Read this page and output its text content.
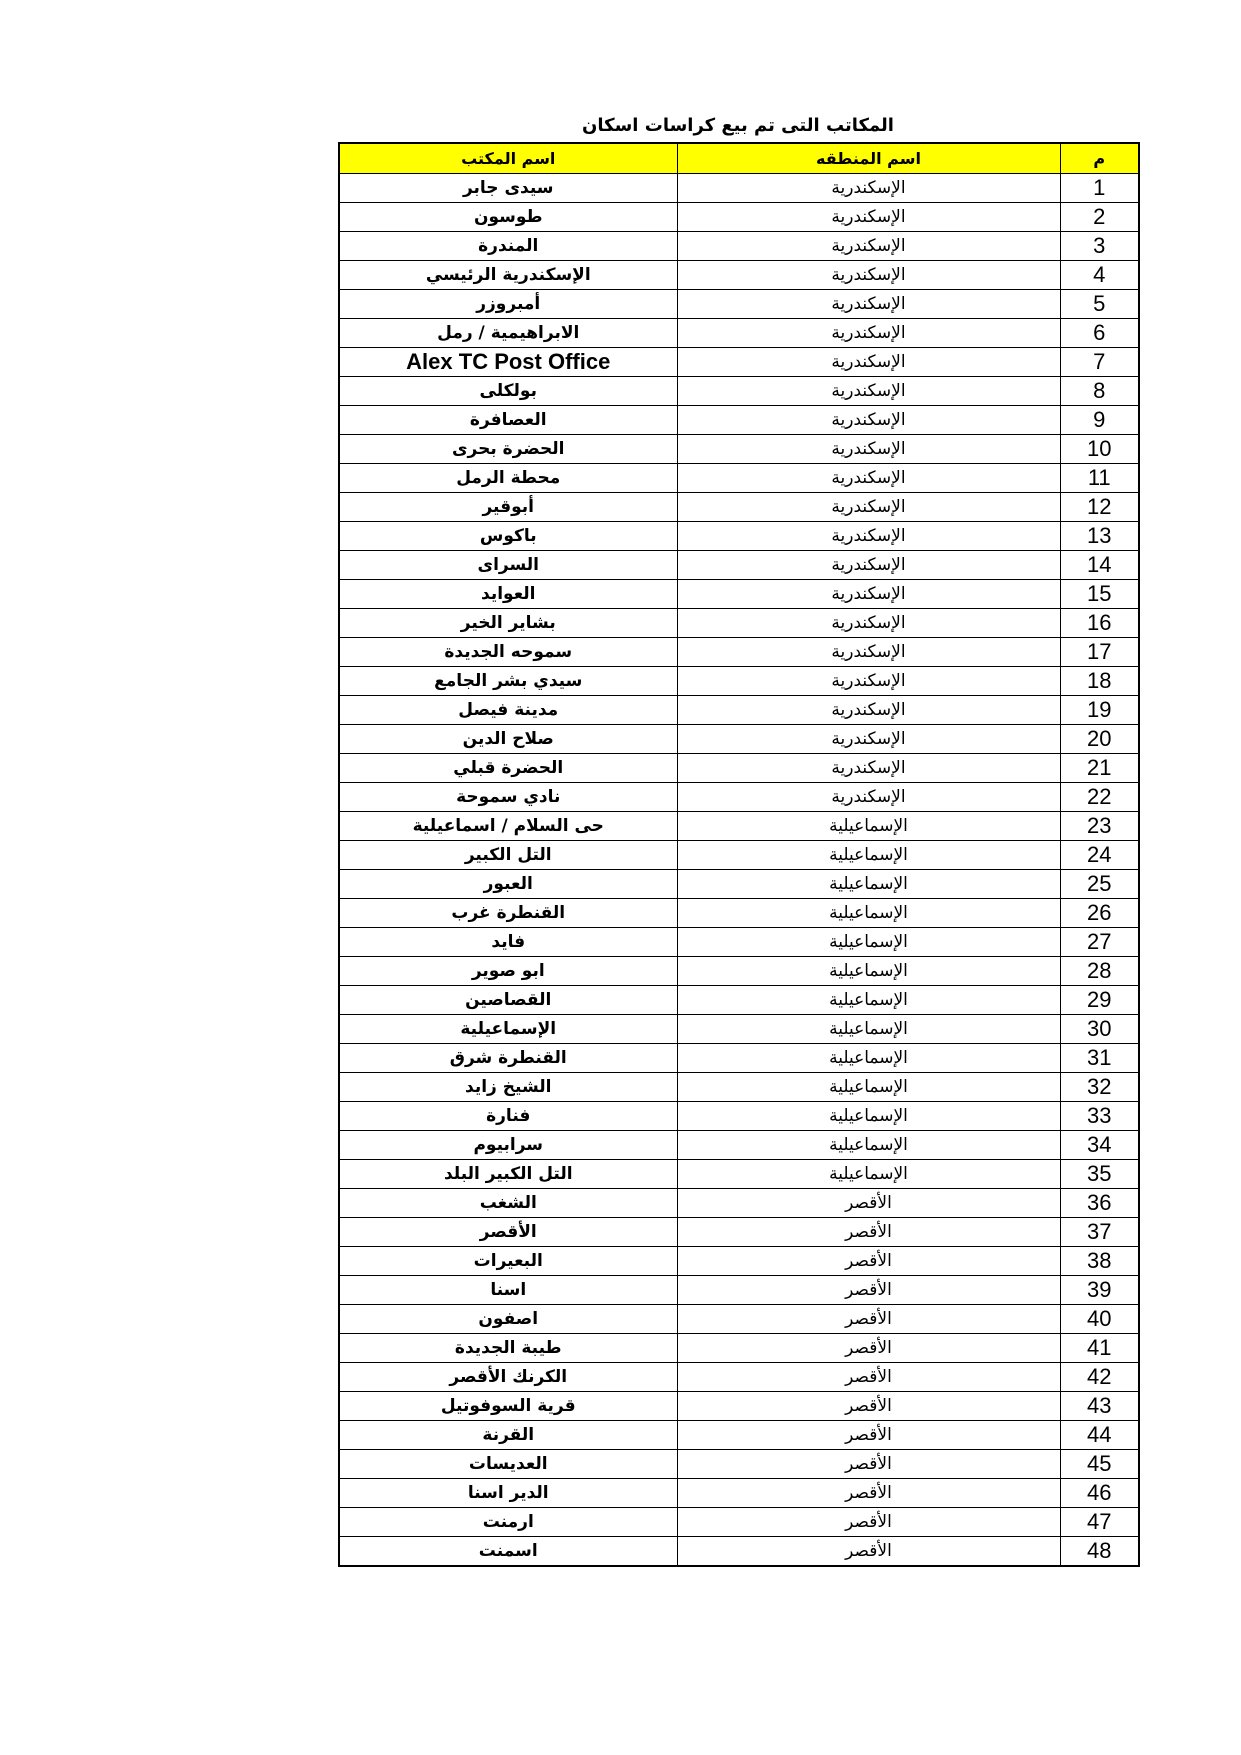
المكاتب التى تم بيع كراسات اسكان
اسم المكتب	اسم المنطقه	م
سيدى جابر	الإسكندرية	1
طوسون	الإسكندرية	2
المندرة	الإسكندرية	3
الإسكندرية الرئيسي	الإسكندرية	4
أمبروزر	الإسكندرية	5
الابراهيمية / رمل	الإسكندرية	6
Alex TC Post Office	الإسكندرية	7
بولكلى	الإسكندرية	8
العصافرة	الإسكندرية	9
الحضرة بحرى	الإسكندرية	10
محطة الرمل	الإسكندرية	11
أبوقير	الإسكندرية	12
باكوس	الإسكندرية	13
السراى	الإسكندرية	14
العوايد	الإسكندرية	15
بشاير الخير	الإسكندرية	16
سموحه الجديدة	الإسكندرية	17
سيدي بشر الجامع	الإسكندرية	18
مدينة فيصل	الإسكندرية	19
صلاح الدين	الإسكندرية	20
الحضرة قبلي	الإسكندرية	21
نادي سموحة	الإسكندرية	22
حى السلام / اسماعيلية	الإسماعيلية	23
التل الكبير	الإسماعيلية	24
العبور	الإسماعيلية	25
القنطرة غرب	الإسماعيلية	26
فايد	الإسماعيلية	27
ابو صوير	الإسماعيلية	28
القصاصين	الإسماعيلية	29
الإسماعيلية	الإسماعيلية	30
القنطرة شرق	الإسماعيلية	31
الشيخ زايد	الإسماعيلية	32
فنارة	الإسماعيلية	33
سرابيوم	الإسماعيلية	34
التل الكبير البلد	الإسماعيلية	35
الشغب	الأقصر	36
الأقصر	الأقصر	37
البعيرات	الأقصر	38
اسنا	الأقصر	39
اصفون	الأقصر	40
طيبة الجديدة	الأقصر	41
الكرنك الأقصر	الأقصر	42
قرية السوفوتيل	الأقصر	43
القرنة	الأقصر	44
العديسات	الأقصر	45
الدير اسنا	الأقصر	46
ارمنت	الأقصر	47
اسمنت	الأقصر	48
